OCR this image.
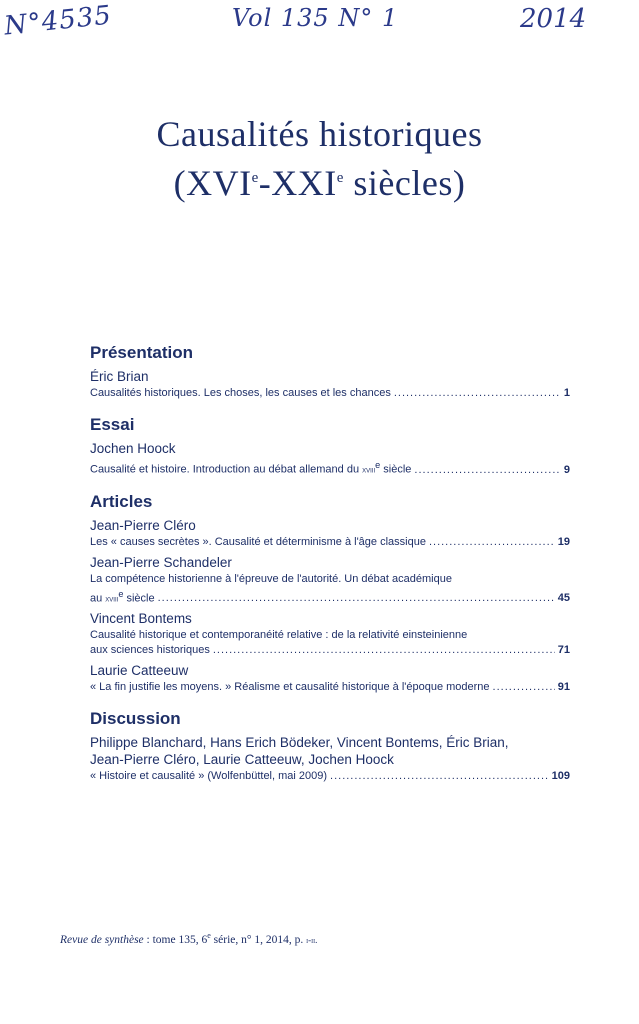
N°4535	Vol 135 N° 1	2014
Causalités historiques
(XVIe-XXIe siècles)
Présentation
Éric Brian
Causalités historiques. Les choses, les causes et les chances .....	1
Essai
Jochen Hoock
Causalité et histoire. Introduction au débat allemand du xviii$^e$ siècle .....	9
Articles
Jean-Pierre Cléro
Les « causes secrètes ». Causalité et déterminisme à l'âge classique .....	19
Jean-Pierre Schandeler
La compétence historienne à l'épreuve de l'autorité. Un débat académique
au xviii$^e$ siècle .....	45
Vincent Bontems
Causalité historique et contemporanéité relative : de la relativité einsteinienne
aux sciences historiques .....	71
Laurie Catteeuw
« La fin justifie les moyens. » Réalisme et causalité historique à l'époque moderne .....	91
Discussion
Philippe Blanchard, Hans Erich Bödeker, Vincent Bontems, Éric Brian,
Jean-Pierre Cléro, Laurie Catteeuw, Jochen Hoock
« Histoire et causalité » (Wolfenbüttel, mai 2009) .....	109
Revue de synthèse : tome 135, 6e série, n° 1, 2014, p. i-ii.
